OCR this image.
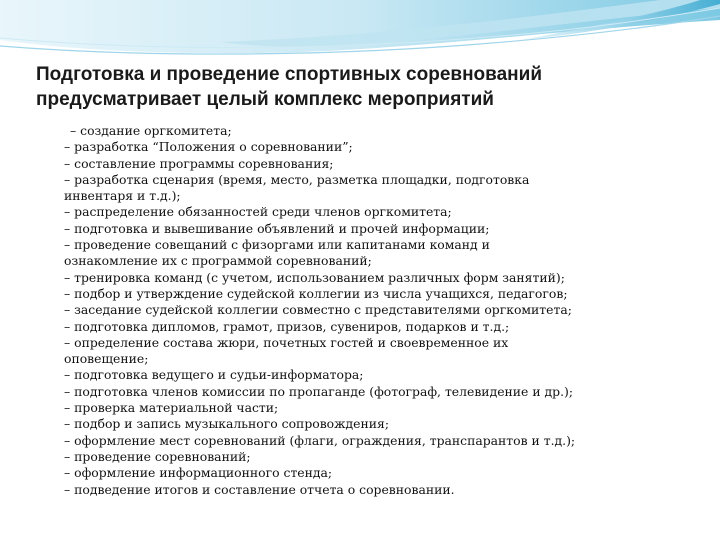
Подготовка и проведение спортивных соревнований
предусматривает целый комплекс мероприятий
– создание оргкомитета;
– разработка “Положения о соревновании”;
– составление программы соревнования;
– разработка сценария (время, место, разметка площадки, подготовка
инвентаря и т.д.);
– распределение обязанностей среди членов оргкомитета;
– подготовка и вывешивание объявлений и прочей информации;
– проведение совещаний с физоргами или капитанами команд и
ознакомление их с программой соревнований;
– тренировка команд (с учетом, использованием различных форм занятий);
– подбор и утверждение судейской коллегии из числа учащихся, педагогов;
– заседание судейской коллегии совместно с представителями оргкомитета;
– подготовка дипломов, грамот, призов, сувениров, подарков и т.д.;
– определение состава жюри, почетных гостей и своевременное их
оповещение;
– подготовка ведущего и судьи-информатора;
– подготовка членов комиссии по пропаганде (фотограф, телевидение и др.);
– проверка материальной части;
– подбор и запись музыкального сопровождения;
– оформление мест соревнований (флаги, ограждения, транспарантов и т.д.);
– проведение соревнований;
– оформление информационного стенда;
– подведение итогов и составление отчета о соревновании.
